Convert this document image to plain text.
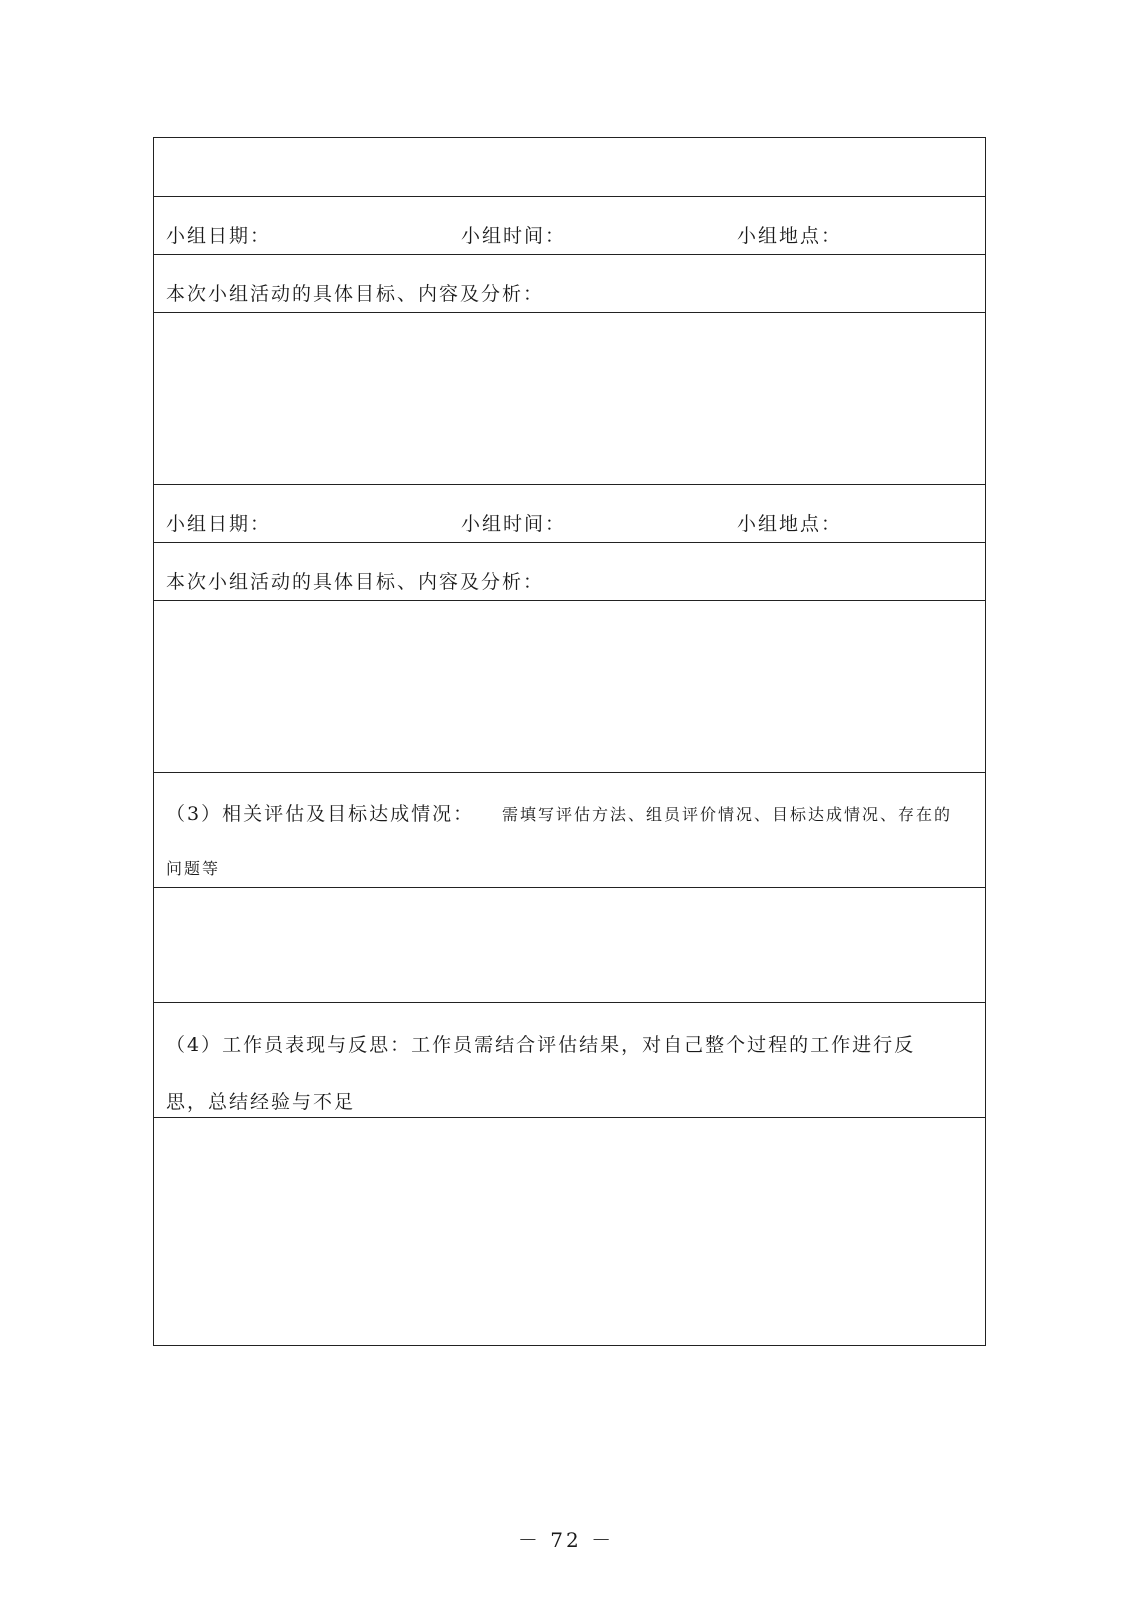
小组日期：	小组时间：	小组地点：
本次小组活动的具体目标、内容及分析：
小组日期：	小组时间：	小组地点：
本次小组活动的具体目标、内容及分析：
（3）相关评估及目标达成情况： 需填写评估方法、组员评价情况、目标达成情况、存在的
问题等
（4）工作员表现与反思：工作员需结合评估结果，对自己整个过程的工作进行反
思，总结经验与不足
－ 72 －
